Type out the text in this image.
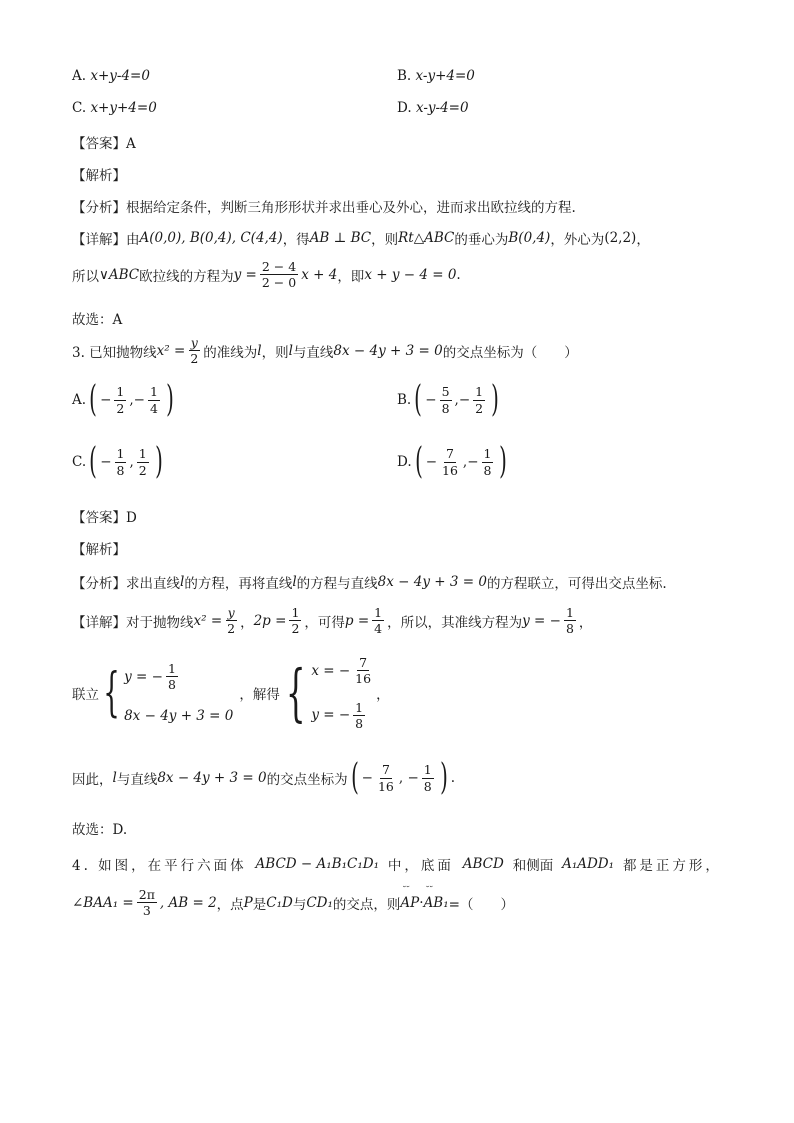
A. x+y-4=0	B. x-y+4=0
C. x+y+4=0	D. x-y-4=0
【答案】A
【解析】
【分析】根据给定条件，判断三角形形状并求出垂心及外心，进而求出欧拉线的方程.
【详解】 由 A(0,0), B(0,4), C(4,4) ，得 AB ⊥ BC ，则 Rt△ABC 的垂心为 B(0,4) ，外心为 (2,2) ，
所以 ∨ABC 欧拉线的方程为 $y = \frac{2 - 4}{2 - 0}$ x + 4 ，即 x + y − 4 = 0 .
故选：A
3. 已知抛物线 $x^2 = \frac{y}{2}$ 的准线为 l ，则 l 与直线 8x − 4y + 3 = 0 的交点坐标为（　　）
A. ( − $\frac{1}{2}$ , − $\frac{1}{4}$ )	B. ( − $\frac{5}{8}$ , − $\frac{1}{2}$ )
C. ( − $\frac{1}{8}$ , $\frac{1}{2}$ )	D. ( − $\frac{7}{16}$ , − $\frac{1}{8}$ )
【答案】D
【解析】
【分析】 求出直线 l 的方程，再将直线 l 的方程与直线 8x − 4y + 3 = 0 的方程联立，可得出交点坐标.
【详解】 对于抛物线 $x^2 = \frac{y}{2}$ ， $2p = \frac{1}{2}$ ，可得 $p = \frac{1}{4}$ ，所以，其准线方程为 y = − $\frac{1}{8}$ ，
联立 { y = − $\frac{1}{8}$
8x − 4y + 3 = 0
，解得 { x = − $\frac{7}{16}$
y = − $\frac{1}{8}$
，
因此， l 与直线 8x − 4y + 3 = 0 的交点坐标为 ( − $\frac{7}{16}$ , − $\frac{1}{8}$ ) .
故选：D.
4. 如图，在平行六面体 ABCD − A₁B₁C₁D₁ 中，底面 ABCD 和侧面 A₁ADD₁ 都是正方形，
∠BAA₁ = $\frac{2\pi}{3}$ , AB = 2 ，点 P 是 C₁D 与 CD₁ 的交点，则 ˘˘ AP · ˘˘ AB₁ =（　　）
